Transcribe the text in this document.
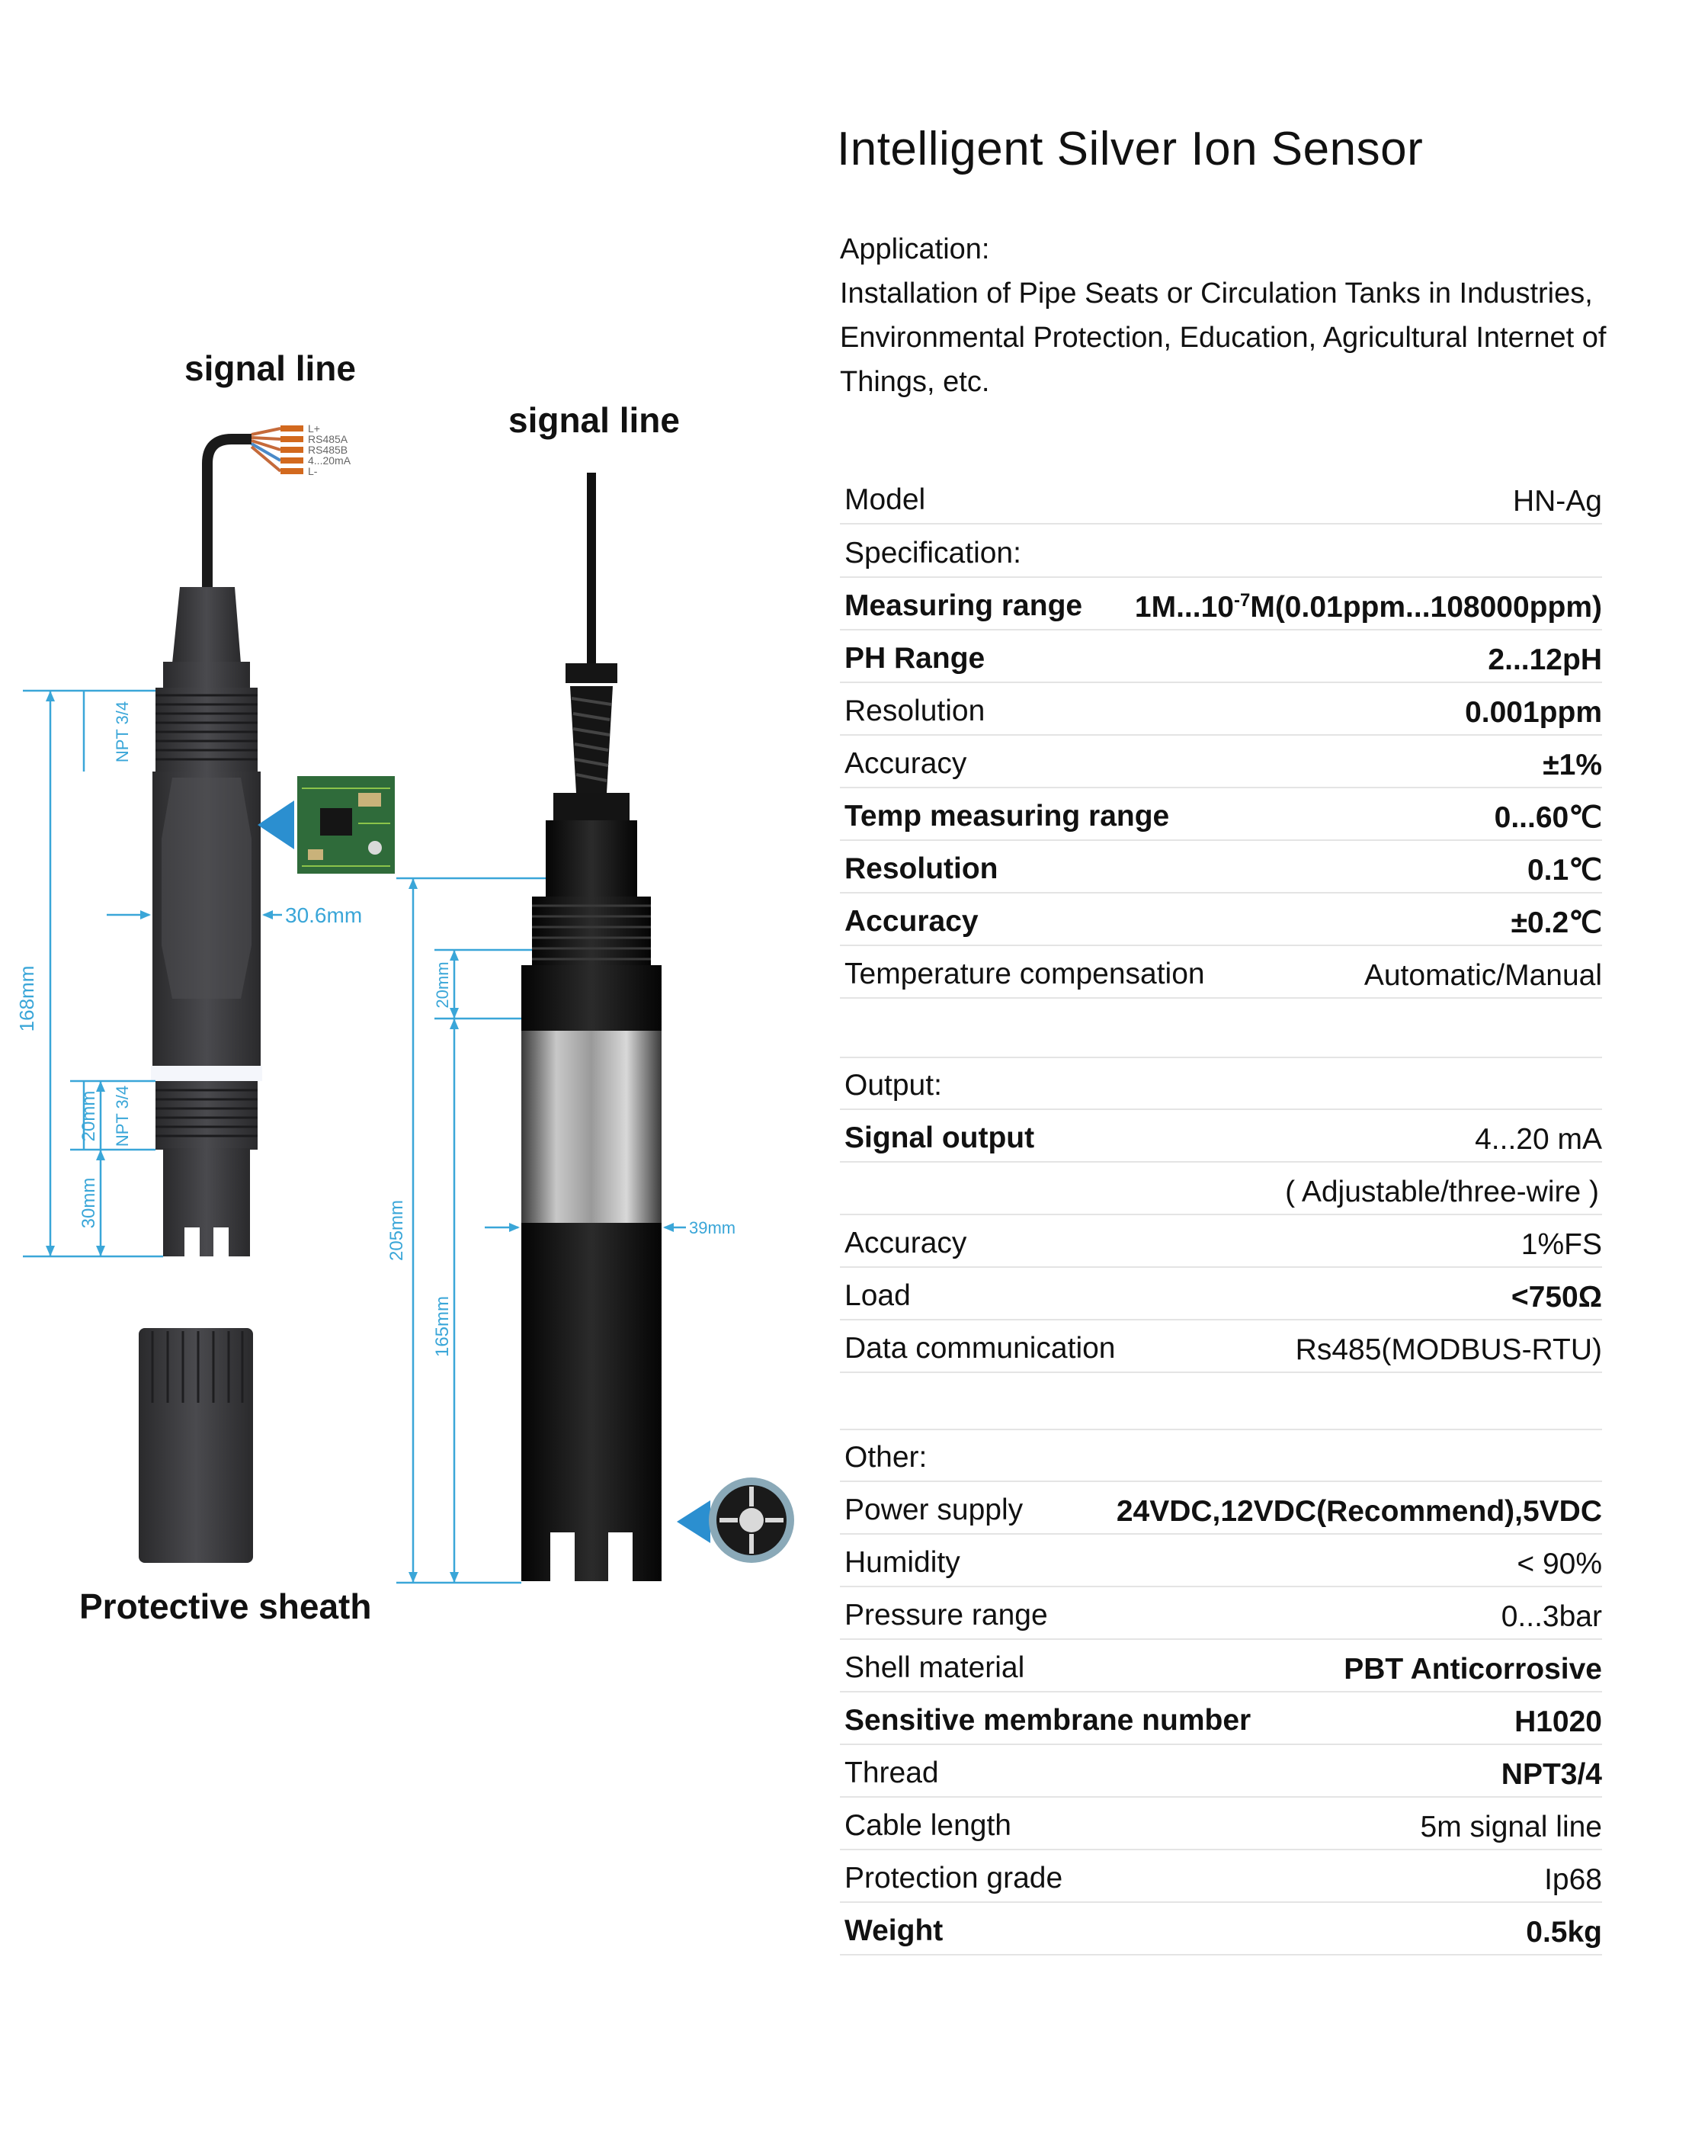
Intelligent Silver Ion Sensor
Application:
Installation of Pipe Seats or Circulation Tanks in Industries,
Environmental Protection, Education, Agricultural Internet of
Things, etc.
signal line
signal line
Protective sheath
L+
RS485A
RS485B
4...20mA
L-
168mm
NPT 3/4
NPT 3/4
20mm
30mm
30.6mm
205mm
20mm
165mm
39mm
Model	HN-Ag
Specification:
Measuring range $1M...10^{-7}M(0.01ppm...108000ppm)$
PH Range	2...12pH
Resolution	0.001ppm
Accuracy	±1%
Temp measuring range	0...60℃
Resolution	0.1℃
Accuracy	±0.2℃
Temperature compensation	Automatic/Manual
Output:
Signal output	4...20 mA
( Adjustable/three-wire )
Accuracy	1%FS
Load	<750Ω
Data communication	Rs485(MODBUS-RTU)
Other:
Power supply	24VDC,12VDC(Recommend),5VDC
Humidity	< 90%
Pressure range	0...3bar
Shell material	PBT Anticorrosive
Sensitive membrane number	H1020
Thread	NPT3/4
Cable length	5m signal line
Protection grade	Ip68
Weight	0.5kg
